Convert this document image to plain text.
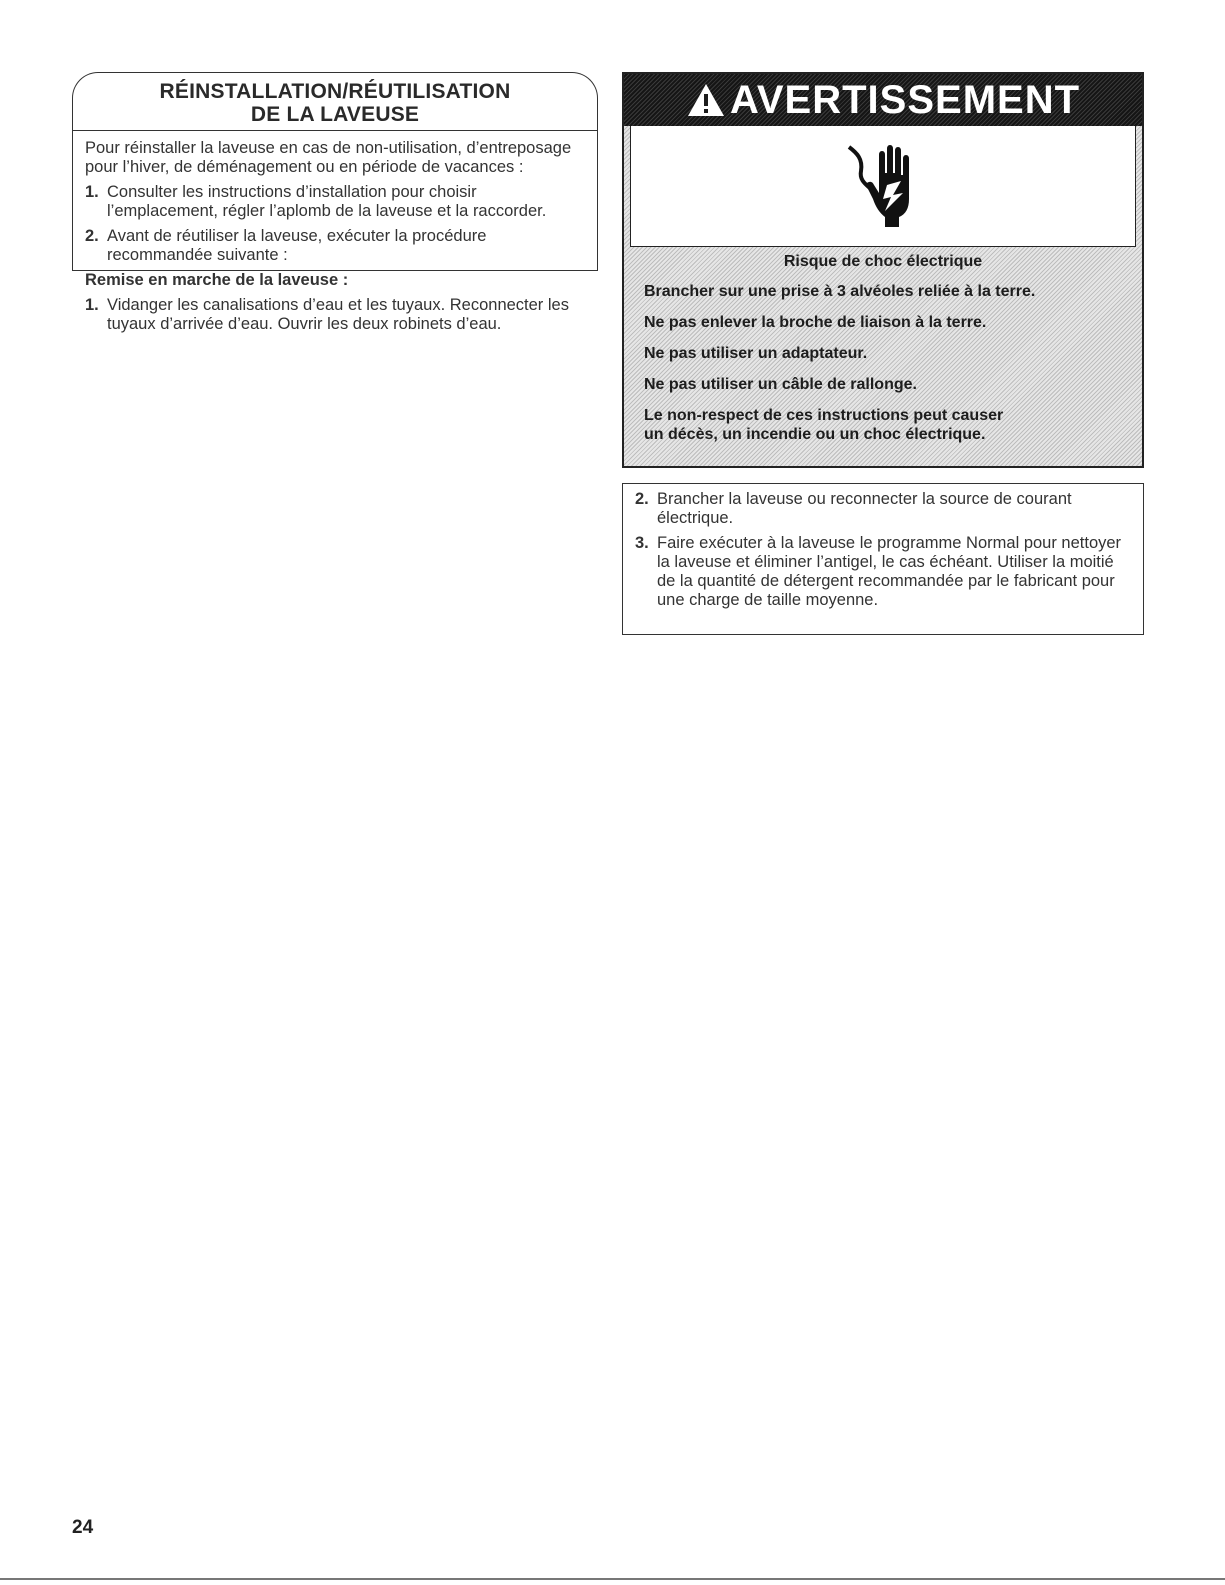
RÉINSTALLATION/RÉUTILISATION
DE LA LAVEUSE

Pour réinstaller la laveuse en cas de non-utilisation, d’entreposage pour l’hiver, de déménagement ou en période de vacances :

1. Consulter les instructions d’installation pour choisir l’emplacement, régler l’aplomb de la laveuse et la raccorder.
2. Avant de réutiliser la laveuse, exécuter la procédure recommandée suivante :

Remise en marche de la laveuse :

1. Vidanger les canalisations d’eau et les tuyaux. Reconnecter les tuyaux d’arrivée d’eau. Ouvrir les deux robinets d’eau.
AVERTISSEMENT
Risque de choc électrique

Brancher sur une prise à 3 alvéoles reliée à la terre.

Ne pas enlever la broche de liaison à la terre.

Ne pas utiliser un adaptateur.

Ne pas utiliser un câble de rallonge.

Le non-respect de ces instructions peut causer
un décès, un incendie ou un choc électrique.
2. Brancher la laveuse ou reconnecter la source de courant électrique.
3. Faire exécuter à la laveuse le programme Normal pour nettoyer la laveuse et éliminer l’antigel, le cas échéant. Utiliser la moitié de la quantité de détergent recommandée par le fabricant pour une charge de taille moyenne.
24
